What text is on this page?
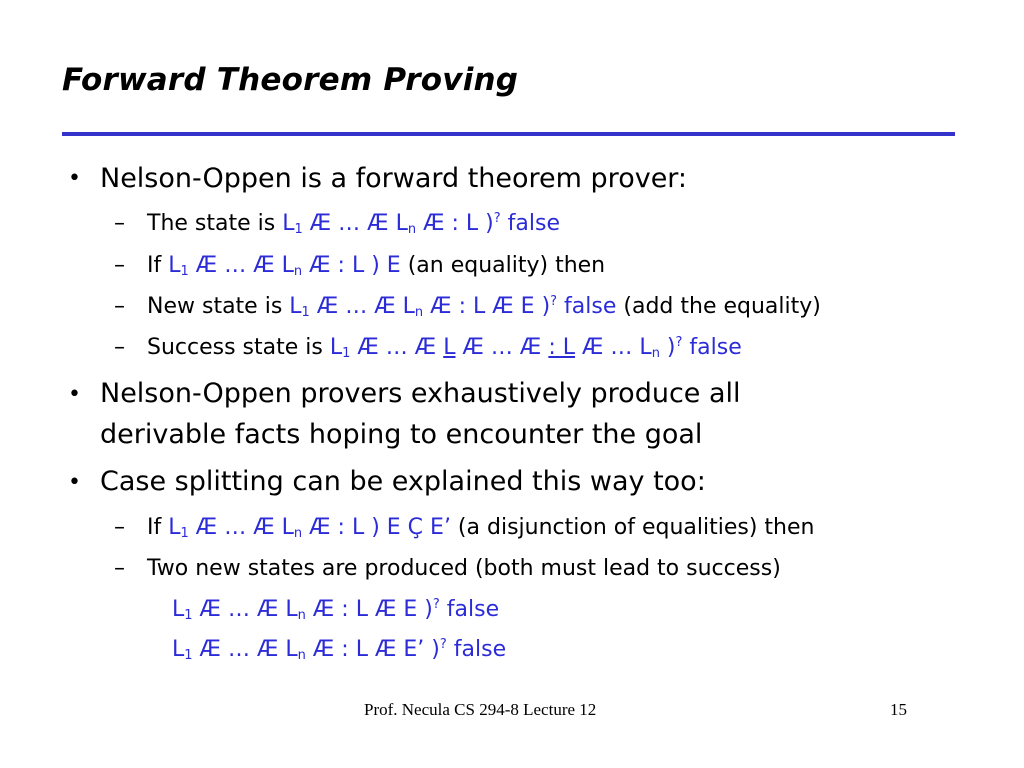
Forward Theorem Proving
• Nelson-Oppen is a forward theorem prover:
– The state is $L_1$ Æ … Æ $L_n$ Æ : L )? false
– If $L_1$ Æ … Æ $L_n$ Æ : L ) E (an equality) then
– New state is $L_1$ Æ … Æ $L_n$ Æ : L Æ E )? false (add the equality)
– Success state is $L_1$ Æ … Æ L Æ … Æ : L Æ … $L_n$ )? false
• Nelson-Oppen provers exhaustively produce all
derivable facts hoping to encounter the goal
• Case splitting can be explained this way too:
– If $L_1$ Æ … Æ $L_n$ Æ : L ) E Ç E’ (a disjunction of equalities) then
– Two new states are produced (both must lead to success)
$L_1$ Æ … Æ $L_n$ Æ : L Æ E )? false
$L_1$ Æ … Æ $L_n$ Æ : L Æ E’ )? false
Prof. Necula CS 294-8 Lecture 12	15
